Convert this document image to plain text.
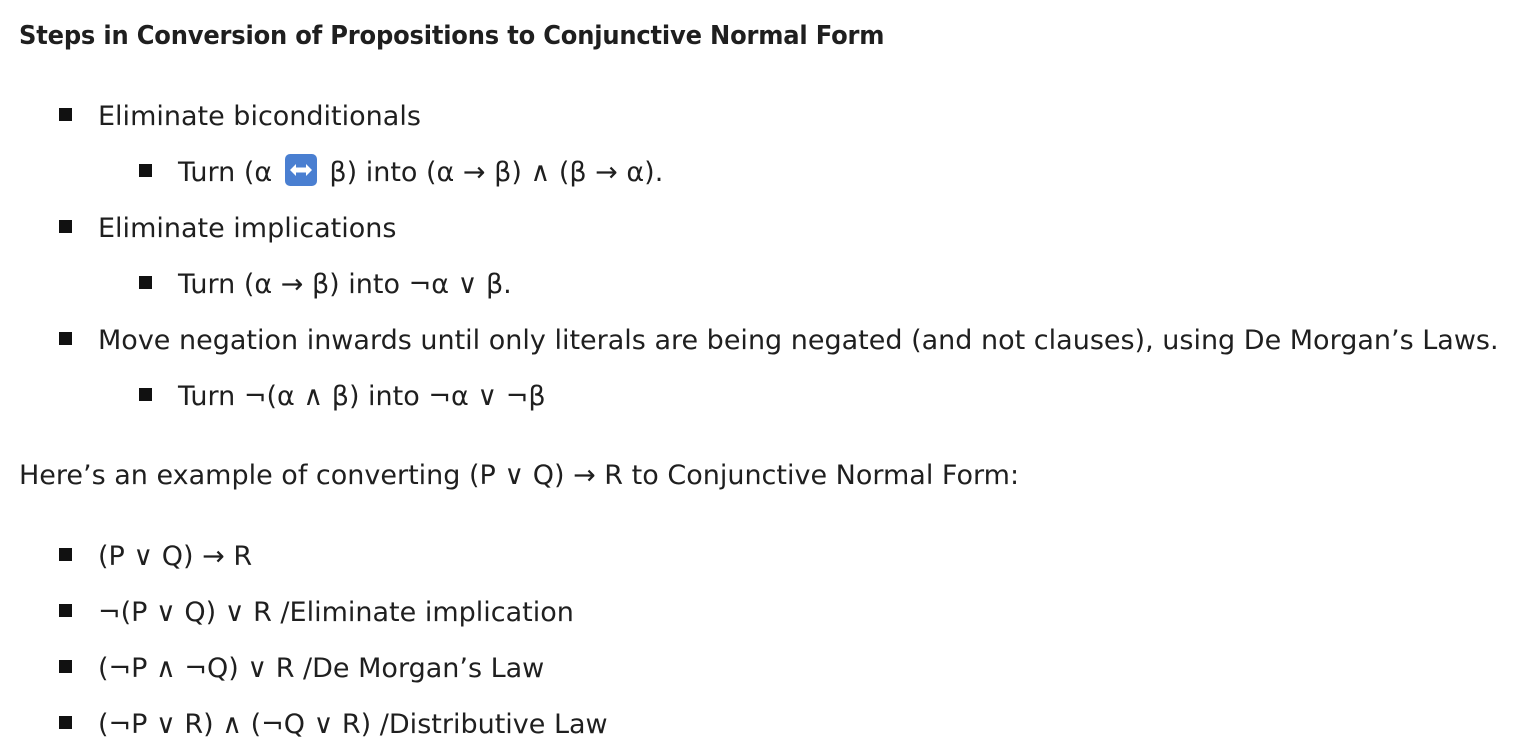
Steps in Conversion of Propositions to Conjunctive Normal Form
Eliminate biconditionals
Turn (α β) into (α → β) ∧ (β → α).
Eliminate implications
Turn (α → β) into ¬α ∨ β.
Move negation inwards until only literals are being negated (and not clauses), using De Morgan’s Laws.
Turn ¬(α ∧ β) into ¬α ∨ ¬β
Here’s an example of converting (P ∨ Q) → R to Conjunctive Normal Form:
(P ∨ Q) → R
¬(P ∨ Q) ∨ R /Eliminate implication
(¬P ∧ ¬Q) ∨ R /De Morgan’s Law
(¬P ∨ R) ∧ (¬Q ∨ R) /Distributive Law
